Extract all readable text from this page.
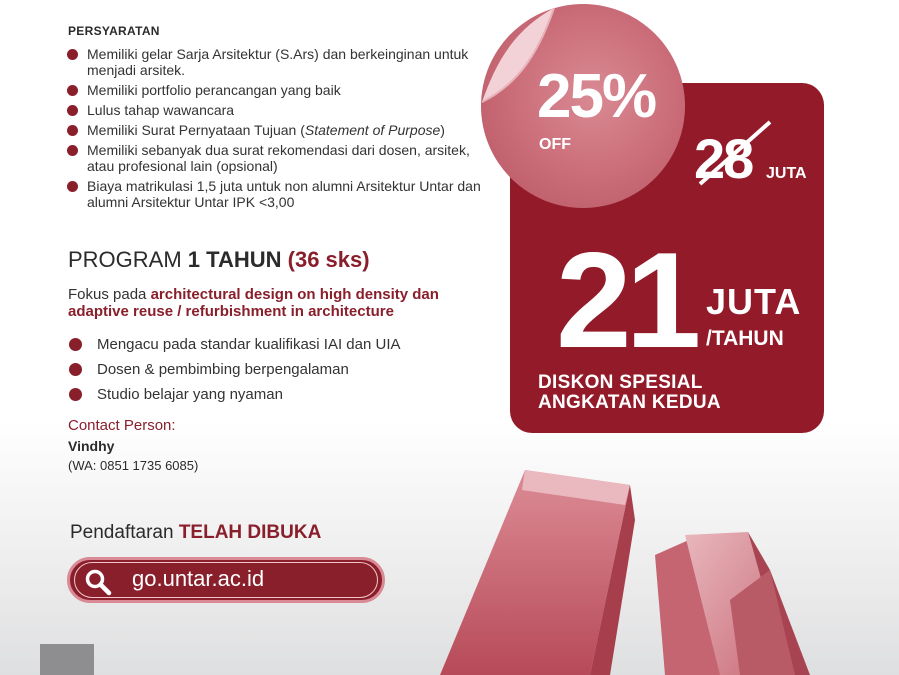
PERSYARATAN
Memiliki gelar Sarja Arsitektur (S.Ars) dan berkeinginan untuk menjadi arsitek.
Memiliki portfolio perancangan yang baik
Lulus tahap wawancara
Memiliki Surat Pernyataan Tujuan (Statement of Purpose)
Memiliki sebanyak dua surat rekomendasi dari dosen, arsitek, atau profesional lain (opsional)
Biaya matrikulasi 1,5 juta untuk non alumni Arsitektur Untar dan alumni Arsitektur Untar IPK <3,00
PROGRAM 1 TAHUN (36 sks)
Fokus pada architectural design on high density dan adaptive reuse / refurbishment in architecture
Mengacu pada standar kualifikasi IAI dan UIA
Dosen & pembimbing berpengalaman
Studio belajar yang nyaman
Contact Person:
Vindhy
(WA: 0851 1735 6085)
Pendaftaran TELAH DIBUKA
go.untar.ac.id
28 JUTA
21 JUTA
/TAHUN
DISKON SPESIAL
ANGKATAN KEDUA
25%
OFF
